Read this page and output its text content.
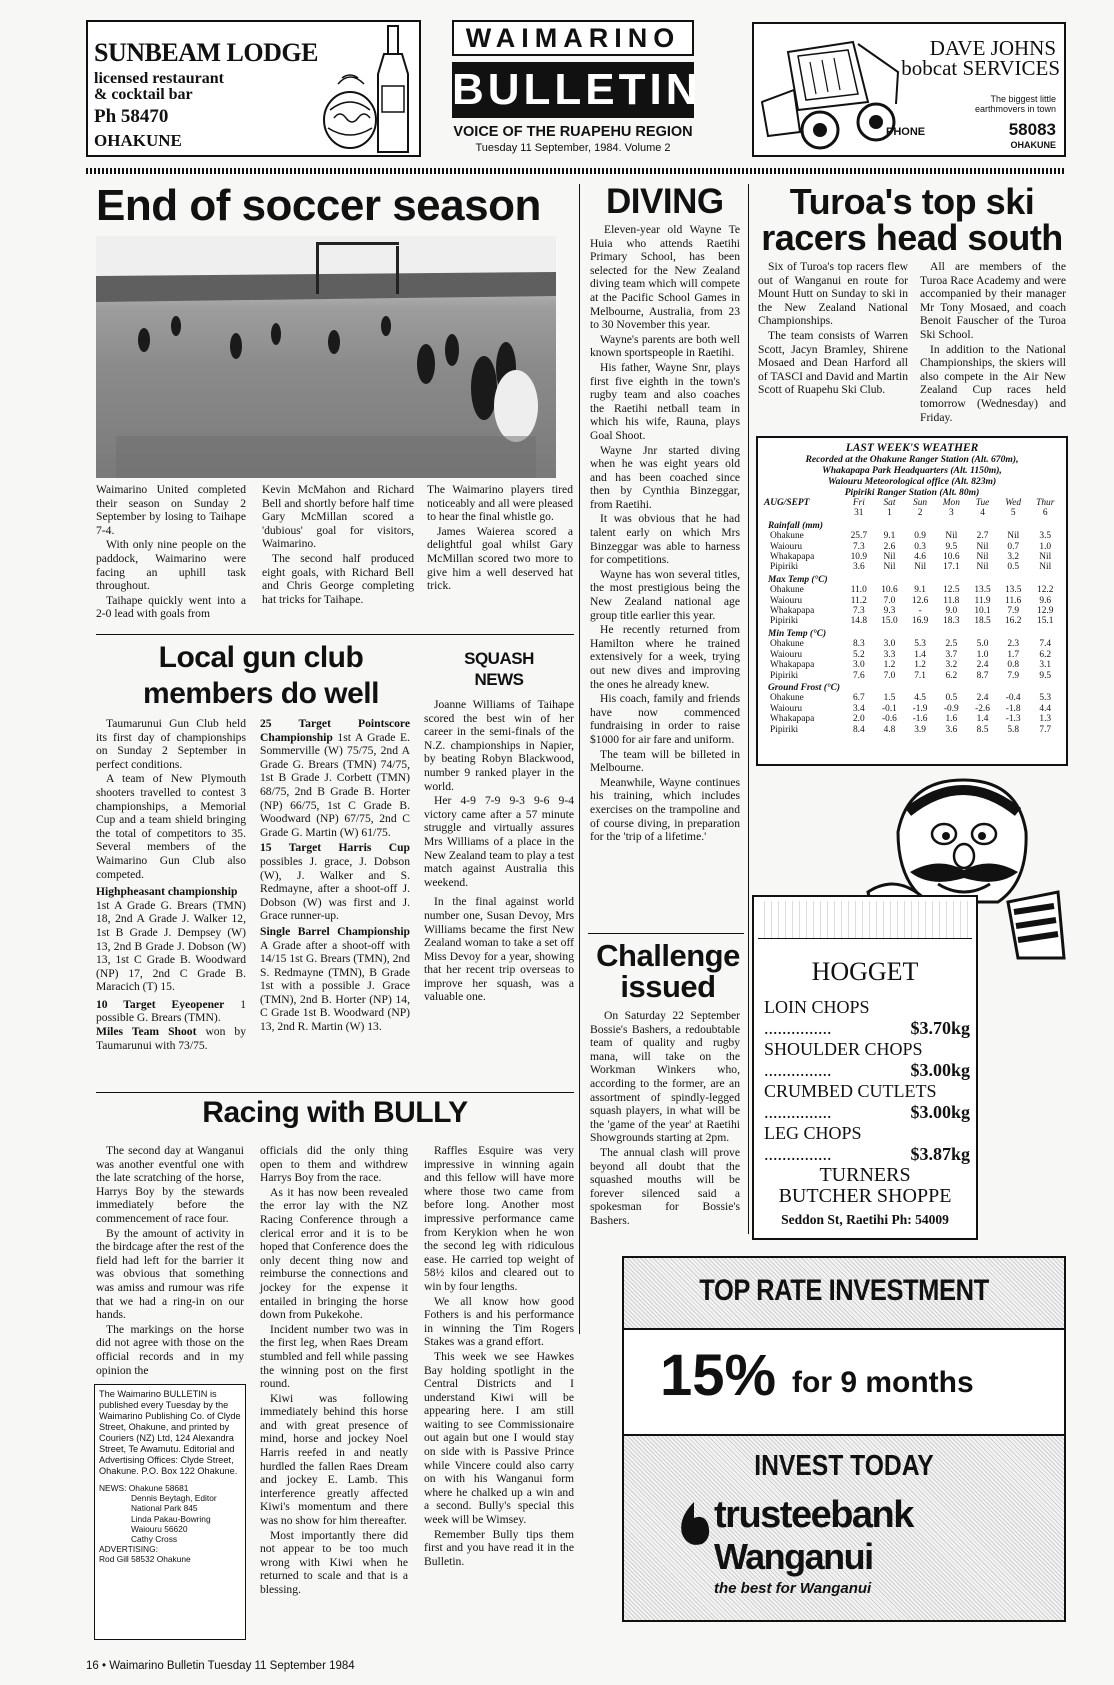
SUNBEAM LODGE
licensed restaurant
& cocktail bar
Ph 58470
OHAKUNE
WAIMARINO
BULLETIN
VOICE OF THE RUAPEHU REGION
Tuesday 11 September, 1984. Volume 2
DAVE JOHNS
bobcat SERVICES
The biggest little
earthmovers in town
PHONE	58083
OHAKUNE
End of soccer season

Waimarino United completed their season on Sunday 2 September by losing to Taihape 7-4.

With only nine people on the paddock, Waimarino were facing an uphill task throughout.

Taihape quickly went into a 2-0 lead with goals from

Kevin McMahon and Richard Bell and shortly before half time Gary McMillan scored a 'dubious' goal for visitors, Waimarino.

The second half produced eight goals, with Richard Bell and Chris George completing hat tricks for Taihape.

The Waimarino players tired noticeably and all were pleased to hear the final whistle go.

James Waierea scored a delightful goal whilst Gary McMillan scored two more to give him a well deserved hat trick.

DIVING

Eleven-year old Wayne Te Huia who attends Raetihi Primary School, has been selected for the New Zealand diving team which will compete at the Pacific School Games in Melbourne, Australia, from 23 to 30 November this year.

Wayne's parents are both well known sportspeople in Raetihi.

His father, Wayne Snr, plays first five eighth in the town's rugby team and also coaches the Raetihi netball team in which his wife, Rauna, plays Goal Shoot.

Wayne Jnr started diving when he was eight years old and has been coached since then by Cynthia Binzeggar, from Raetihi.

It was obvious that he had talent early on which Mrs Binzeggar was able to harness for competitions.

Wayne has won several titles, the most prestigious being the New Zealand national age group title earlier this year.

He recently returned from Hamilton where he trained extensively for a week, trying out new dives and improving the ones he already knew.

His coach, family and friends have now commenced fundraising in order to raise $1000 for air fare and uniform.

The team will be billeted in Melbourne.

Meanwhile, Wayne continues his training, which includes exercises on the trampoline and of course diving, in preparation for the 'trip of a lifetime.'

Challenge
issued

On Saturday 22 September Bossie's Bashers, a redoubtable team of quality and rugby mana, will take on the Workman Winkers who, according to the former, are an assortment of spindly-legged squash players, in what will be the 'game of the year' at Raetihi Showgrounds starting at 2pm.

The annual clash will prove beyond all doubt that the squashed mouths will be forever silenced said a spokesman for Bossie's Bashers.

Turoa's top ski
racers head south

Six of Turoa's top racers flew out of Wanganui en route for Mount Hutt on Sunday to ski in the New Zealand National Championships.

The team consists of Warren Scott, Jacyn Bramley, Shirene Mosaed and Dean Harford all of TASCI and David and Martin Scott of Ruapehu Ski Club.

All are members of the Turoa Race Academy and were accompanied by their manager Mr Tony Mosaed, and coach Benoit Fauscher of the Turoa Ski School.

In addition to the National Championships, the skiers will also compete in the Air New Zealand Cup races held tomorrow (Wednesday) and Friday.

LAST WEEK'S WEATHER
Recorded at the Ohakune Ranger Station (Alt. 670m),
Whakapapa Park Headquarters (Alt. 1150m),
Waiouru Meteorological office (Alt. 823m)
Pipiriki Ranger Station (Alt. 80m)
AUG/SEPT	Fri	Sat	Sun	Mon	Tue	Wed	Thur
	31	1	2	3	4	5	6
Rainfall (mm)							
Ohakune	25.7	9.1	0.9	Nil	2.7	Nil	3.5
Waiouru	7.3	2.6	0.3	9.5	Nil	0.7	1.0
Whakapapa	10.9	Nil	4.6	10.6	Nil	3.2	Nil
Pipiriki	3.6	Nil	Nil	17.1	Nil	0.5	Nil
Max Temp (°C)							
Ohakune	11.0	10.6	9.1	12.5	13.5	13.5	12.2
Waiouru	11.2	7.0	12.6	11.8	11.9	11.6	9.6
Whakapapa	7.3	9.3	-	9.0	10.1	7.9	12.9
Pipiriki	14.8	15.0	16.9	18.3	18.5	16.2	15.1
Min Temp (°C)							
Ohakune	8.3	3.0	5.3	2.5	5.0	2.3	7.4
Waiouru	5.2	3.3	1.4	3.7	1.0	1.7	6.2
Whakapapa	3.0	1.2	1.2	3.2	2.4	0.8	3.1
Pipiriki	7.6	7.0	7.1	6.2	8.7	7.9	9.5
Ground Frost (°C)							
Ohakune	6.7	1.5	4.5	0.5	2.4	-0.4	5.3
Waiouru	3.4	-0.1	-1.9	-0.9	-2.6	-1.8	4.4
Whakapapa	2.0	-0.6	-1.6	1.6	1.4	-1.3	1.3
Pipiriki	8.4	4.8	3.9	3.6	8.5	5.8	7.7
HOGGET
LOIN CHOPS
...............	$3.70kg
SHOULDER CHOPS
...............	$3.00kg
CRUMBED CUTLETS
...............	$3.00kg
LEG CHOPS
...............	$3.87kg
TURNERS
BUTCHER SHOPPE
Seddon St, Raetihi Ph: 54009
Local gun club
members do well

Taumarunui Gun Club held its first day of championships on Sunday 2 September in perfect conditions.

A team of New Plymouth shooters travelled to contest 3 championships, a Memorial Cup and a team shield bringing the total of competitors to 35. Several members of the Waimarino Gun Club also competed.

Highpheasant championship

1st A Grade G. Brears (TMN) 18, 2nd A Grade J. Walker 12, 1st B Grade J. Dempsey (W) 13, 2nd B Grade J. Dobson (W) 13, 1st C Grade B. Woodward (NP) 17, 2nd C Grade B. Maracich (T) 15.

10 Target Eyeopener 1 possible G. Brears (TMN).
Miles Team Shoot won by Taumarunui with 73/75.
25 Target Pointscore Championship 1st A Grade E. Sommerville (W) 75/75, 2nd A Grade G. Brears (TMN) 74/75, 1st B Grade J. Corbett (TMN) 68/75, 2nd B Grade B. Horter (NP) 66/75, 1st C Grade B. Woodward (NP) 67/75, 2nd C Grade G. Martin (W) 61/75.
15 Target Harris Cup possibles J. grace, J. Dobson (W), J. Walker and S. Redmayne, after a shoot-off J. Dobson (W) was first and J. Grace runner-up.
Single Barrel Championship A Grade after a shoot-off with 14/15 1st G. Brears (TMN), 2nd S. Redmayne (TMN), B Grade 1st with a possible J. Grace (TMN), 2nd B. Horter (NP) 14, C Grade 1st B. Woodward (NP) 13, 2nd R. Martin (W) 13.
SQUASH
NEWS

Joanne Williams of Taihape scored the best win of her career in the semi-finals of the N.Z. championships in Napier, by beating Robyn Blackwood, number 9 ranked player in the world.

Her 4-9 7-9 9-3 9-6 9-4 victory came after a 57 minute struggle and virtually assures Mrs Williams of a place in the New Zealand team to play a test match against Australia this weekend.

In the final against world number one, Susan Devoy, Mrs Williams became the first New Zealand woman to take a set off Miss Devoy for a year, showing that her recent trip overseas to improve her squash, was a valuable one.

Racing with BULLY

The second day at Wanganui was another eventful one with the late scratching of the horse, Harrys Boy by the stewards immediately before the commencement of race four.

By the amount of activity in the birdcage after the rest of the field had left for the barrier it was obvious that something was amiss and rumour was rife that we had a ring-in on our hands.

The markings on the horse did not agree with those on the official records and in my opinion the

officials did the only thing open to them and withdrew Harrys Boy from the race.

As it has now been revealed the error lay with the NZ Racing Conference through a clerical error and it is to be hoped that Conference does the only decent thing now and reimburse the connections and jockey for the expense it entailed in bringing the horse down from Pukekohe.

Incident number two was in the first leg, when Raes Dream stumbled and fell while passing the winning post on the first round.

Kiwi was following immediately behind this horse and with great presence of mind, horse and jockey Noel Harris reefed in and neatly hurdled the fallen Raes Dream and jockey E. Lamb. This interference greatly affected Kiwi's momentum and there was no show for him thereafter.

Most importantly there did not appear to be too much wrong with Kiwi when he returned to scale and that is a blessing.

Raffles Esquire was very impressive in winning again and this fellow will have more where those two came from before long. Another most impressive performance came from Kerykion when he won the second leg with ridiculous ease. He carried top weight of 58½ kilos and cleared out to win by four lengths.

We all know how good Fothers is and his performance in winning the Tim Rogers Stakes was a grand effort.

This week we see Hawkes Bay holding spotlight in the Central Districts and I understand Kiwi will be appearing here. I am still waiting to see Commissionaire out again but one I would stay on side with is Passive Prince while Vincere could also carry on with his Wanganui form where he chalked up a win and a second. Bully's special this week will be Wimsey.

Remember Bully tips them first and you have read it in the Bulletin.

The Waimarino BULLETIN is published every Tuesday by the Waimarino Publishing Co. of Clyde Street, Ohakune, and printed by Couriers (NZ) Ltd, 124 Alexandra Street, Te Awamutu. Editorial and Advertising Offices: Clyde Street, Ohakune. P.O. Box 122 Ohakune.
NEWS: Ohakune 58681
Dennis Beytagh, Editor
National Park 845
Linda Pakau-Bowring
Waiouru 56620
Cathy Cross
ADVERTISING:
Rod Gill 58532 Ohakune
TOP RATE INVESTMENT
15% for 9 months
INVEST TODAY
trusteebank
Wanganui
the best for Wanganui
16 • Waimarino Bulletin Tuesday 11 September 1984
